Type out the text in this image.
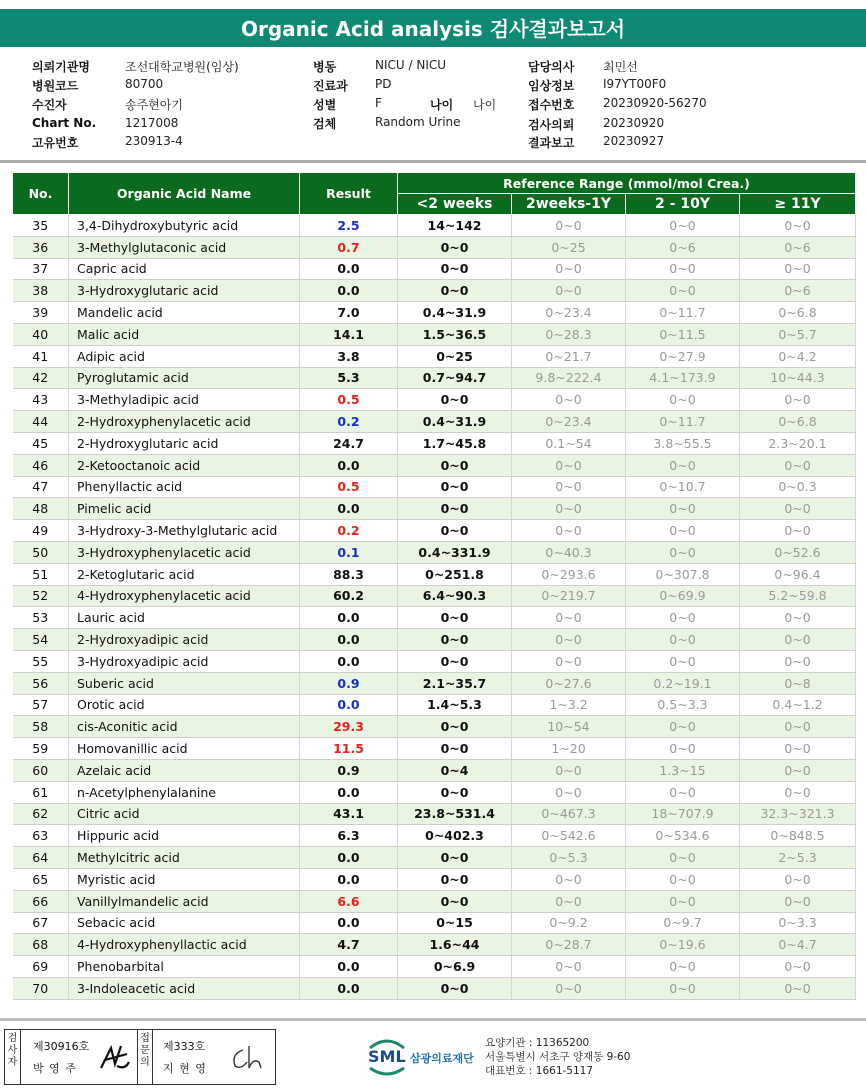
Organic Acid analysis 검사결과보고서
의뢰기관명	조선대학교병원(임상)
병원코드	80700
수진자	송주현아기
Chart No. 1217008
고유번호	230913-4
병동	NICU / NICU
진료과 PD
성별	F	나이 나이
검체	Random Urine
담당의사 최민선
임상정보 I97YT00F0
접수번호 20230920-56270
검사의뢰 20230920
결과보고 20230927
No.	Organic Acid Name	Result	Reference Range (mmol/mol Crea.)			
			<2 weeks	2weeks-1Y	2 - 10Y	≥ 11Y
35	3,4-Dihydroxybutyric acid	2.5	14~142	0~0	0~0	0~0
36	3-Methylglutaconic acid	0.7	0~0	0~25	0~6	0~6
37	Capric acid	0.0	0~0	0~0	0~0	0~0
38	3-Hydroxyglutaric acid	0.0	0~0	0~0	0~0	0~6
39	Mandelic acid	7.0	0.4~31.9	0~23.4	0~11.7	0~6.8
40	Malic acid	14.1	1.5~36.5	0~28.3	0~11.5	0~5.7
41	Adipic acid	3.8	0~25	0~21.7	0~27.9	0~4.2
42	Pyroglutamic acid	5.3	0.7~94.7	9.8~222.4	4.1~173.9	10~44.3
43	3-Methyladipic acid	0.5	0~0	0~0	0~0	0~0
44	2-Hydroxyphenylacetic acid	0.2	0.4~31.9	0~23.4	0~11.7	0~6.8
45	2-Hydroxyglutaric acid	24.7	1.7~45.8	0.1~54	3.8~55.5	2.3~20.1
46	2-Ketooctanoic acid	0.0	0~0	0~0	0~0	0~0
47	Phenyllactic acid	0.5	0~0	0~0	0~10.7	0~0.3
48	Pimelic acid	0.0	0~0	0~0	0~0	0~0
49	3-Hydroxy-3-Methylglutaric acid	0.2	0~0	0~0	0~0	0~0
50	3-Hydroxyphenylacetic acid	0.1	0.4~331.9	0~40.3	0~0	0~52.6
51	2-Ketoglutaric acid	88.3	0~251.8	0~293.6	0~307.8	0~96.4
52	4-Hydroxyphenylacetic acid	60.2	6.4~90.3	0~219.7	0~69.9	5.2~59.8
53	Lauric acid	0.0	0~0	0~0	0~0	0~0
54	2-Hydroxyadipic acid	0.0	0~0	0~0	0~0	0~0
55	3-Hydroxyadipic acid	0.0	0~0	0~0	0~0	0~0
56	Suberic acid	0.9	2.1~35.7	0~27.6	0.2~19.1	0~8
57	Orotic acid	0.0	1.4~5.3	1~3.2	0.5~3.3	0.4~1.2
58	cis-Aconitic acid	29.3	0~0	10~54	0~0	0~0
59	Homovanillic acid	11.5	0~0	1~20	0~0	0~0
60	Azelaic acid	0.9	0~4	0~0	1.3~15	0~0
61	n-Acetylphenylalanine	0.0	0~0	0~0	0~0	0~0
62	Citric acid	43.1	23.8~531.4	0~467.3	18~707.9	32.3~321.3
63	Hippuric acid	6.3	0~402.3	0~542.6	0~534.6	0~848.5
64	Methylcitric acid	0.0	0~0	0~5.3	0~0	2~5.3
65	Myristic acid	0.0	0~0	0~0	0~0	0~0
66	Vanillylmandelic acid	6.6	0~0	0~0	0~0	0~0
67	Sebacic acid	0.0	0~15	0~9.2	0~9.7	0~3.3
68	4-Hydroxyphenyllactic acid	4.7	1.6~44	0~28.7	0~19.6	0~4.7
69	Phenobarbital	0.0	0~6.9	0~0	0~0	0~0
70	3-Indoleacetic acid	0.0	0~0	0~0	0~0	0~0
검사자
제30916호
박 영 주
접문의
제333호
지 현 영
SML 삼광의료재단
요양기관 : 11365200
서울특별시 서초구 양재동 9-60
대표번호 : 1661-5117
